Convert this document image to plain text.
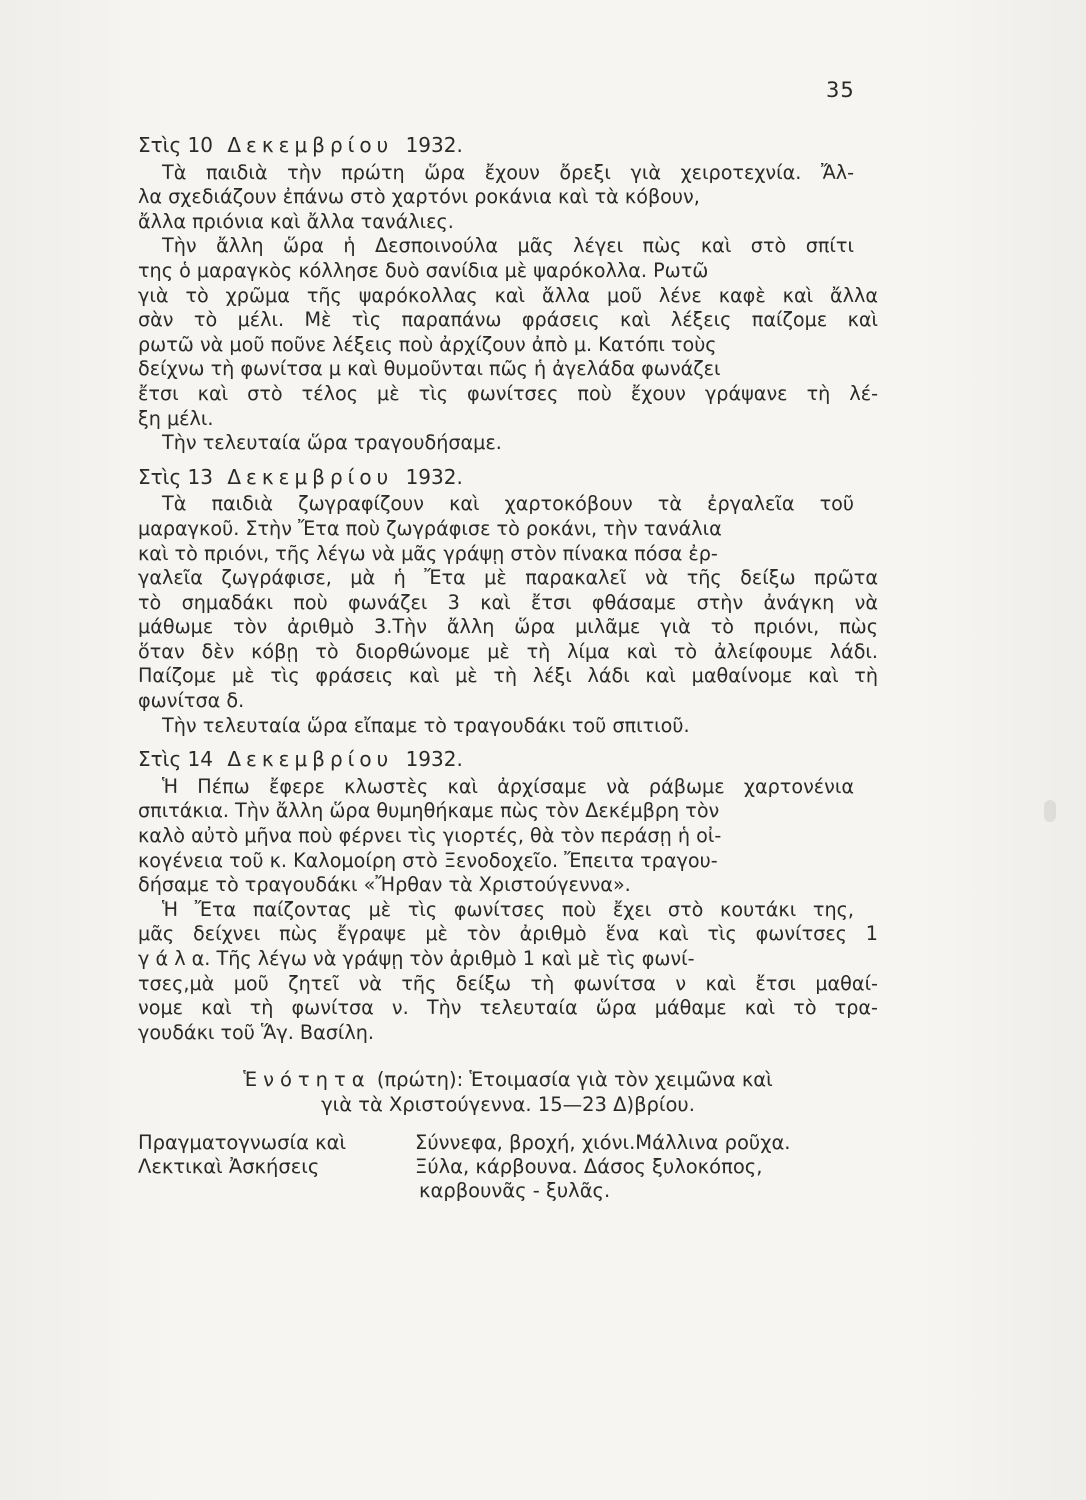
35
Στὶς 10 Δεκεμβρίου 1932.
Τὰ παιδιὰ τὴν πρώτη ὥρα ἔχουν ὄρεξι γιὰ χειροτεχνία. Ἄλ-
λα σχεδιάζουν ἐπάνω στὸ χαρτόνι ροκάνια καὶ τὰ κόβουν,
ἄλλα πριόνια καὶ ἄλλα τανάλιες.
Τὴν ἄλλη ὥρα ἡ Δεσποινούλα μᾶς λέγει πὼς καὶ στὸ σπίτι
της ὁ μαραγκὸς κόλλησε δυὸ σανίδια μὲ ψαρόκολλα. Ρωτῶ
γιὰ τὸ χρῶμα τῆς ψαρόκολλας καὶ ἄλλα μοῦ λένε καφὲ καὶ ἄλλα
σὰν τὸ μέλι. Μὲ τὶς παραπάνω φράσεις καὶ λέξεις παίζομε καὶ
ρωτῶ νὰ μοῦ ποῦνε λέξεις ποὺ ἀρχίζουν ἀπὸ μ. Κατόπι τοὺς
δείχνω τὴ φωνίτσα μ καὶ θυμοῦνται πῶς ἡ ἀγελάδα φωνάζει
ἔτσι καὶ στὸ τέλος μὲ τὶς φωνίτσες ποὺ ἔχουν γράψανε τὴ λέ-
ξη μέλι.
Τὴν τελευταία ὥρα τραγουδήσαμε.
Στὶς 13 Δεκεμβρίου 1932.
Τὰ παιδιὰ ζωγραφίζουν καὶ χαρτοκόβουν τὰ ἐργαλεῖα τοῦ
μαραγκοῦ. Στὴν Ἔτα ποὺ ζωγράφισε τὸ ροκάνι, τὴν τανάλια
καὶ τὸ πριόνι, τῆς λέγω νὰ μᾶς γράψῃ στὸν πίνακα πόσα ἐρ-
γαλεῖα ζωγράφισε, μὰ ἡ Ἔτα μὲ παρακαλεῖ νὰ τῆς δείξω πρῶτα
τὸ σημαδάκι ποὺ φωνάζει 3 καὶ ἔτσι φθάσαμε στὴν ἀνάγκη νὰ
μάθωμε τὸν ἀριθμὸ 3.Τὴν ἄλλη ὥρα μιλᾶμε γιὰ τὸ πριόνι, πὼς
ὅταν δὲν κόβῃ τὸ διορθώνομε μὲ τὴ λίμα καὶ τὸ ἀλείφουμε λάδι.
Παίζομε μὲ τὶς φράσεις καὶ μὲ τὴ λέξι λάδι καὶ μαθαίνομε καὶ τὴ
φωνίτσα δ.
Τὴν τελευταία ὥρα εἴπαμε τὸ τραγουδάκι τοῦ σπιτιοῦ.
Στὶς 14 Δεκεμβρίου 1932.
Ἡ Πέπω ἔφερε κλωστὲς καὶ ἀρχίσαμε νὰ ράβωμε χαρτονένια
σπιτάκια. Τὴν ἄλλη ὥρα θυμηθήκαμε πὼς τὸν Δεκέμβρη τὸν
καλὸ αὐτὸ μῆνα ποὺ φέρνει τὶς γιορτές, θὰ τὸν περάσῃ ἡ οἰ-
κογένεια τοῦ κ. Καλομοίρη στὸ Ξενοδοχεῖο. Ἔπειτα τραγου-
δήσαμε τὸ τραγουδάκι «Ἤρθαν τὰ Χριστούγεννα».
Ἡ Ἔτα παίζοντας μὲ τὶς φωνίτσες ποὺ ἔχει στὸ κουτάκι της,
μᾶς δείχνει πὼς ἔγραψε μὲ τὸν ἀριθμὸ ἕνα καὶ τὶς φωνίτσες 1
γ ά λ α. Τῆς λέγω νὰ γράψῃ τὸν ἀριθμὸ 1 καὶ μὲ τὶς φωνί-
τσες,μὰ μοῦ ζητεῖ νὰ τῆς δείξω τὴ φωνίτσα ν καὶ ἔτσι μαθαί-
νομε καὶ τὴ φωνίτσα ν. Τὴν τελευταία ὥρα μάθαμε καὶ τὸ τρα-
γουδάκι τοῦ Ἅγ. Βασίλη.
Ἑνότητα (πρώτη): Ἑτοιμασία γιὰ τὸν χειμῶνα καὶ
γιὰ τὰ Χριστούγεννα. 15—23 Δ)βρίου.
Πραγματογνωσία καὶ	Σύννεφα, βροχή, χιόνι.Μάλλινα ροῦχα.
Λεκτικαὶ Ἀσκήσεις	Ξύλα, κάρβουνα. Δάσος ξυλοκόπος,
καρβουνᾶς - ξυλᾶς.
